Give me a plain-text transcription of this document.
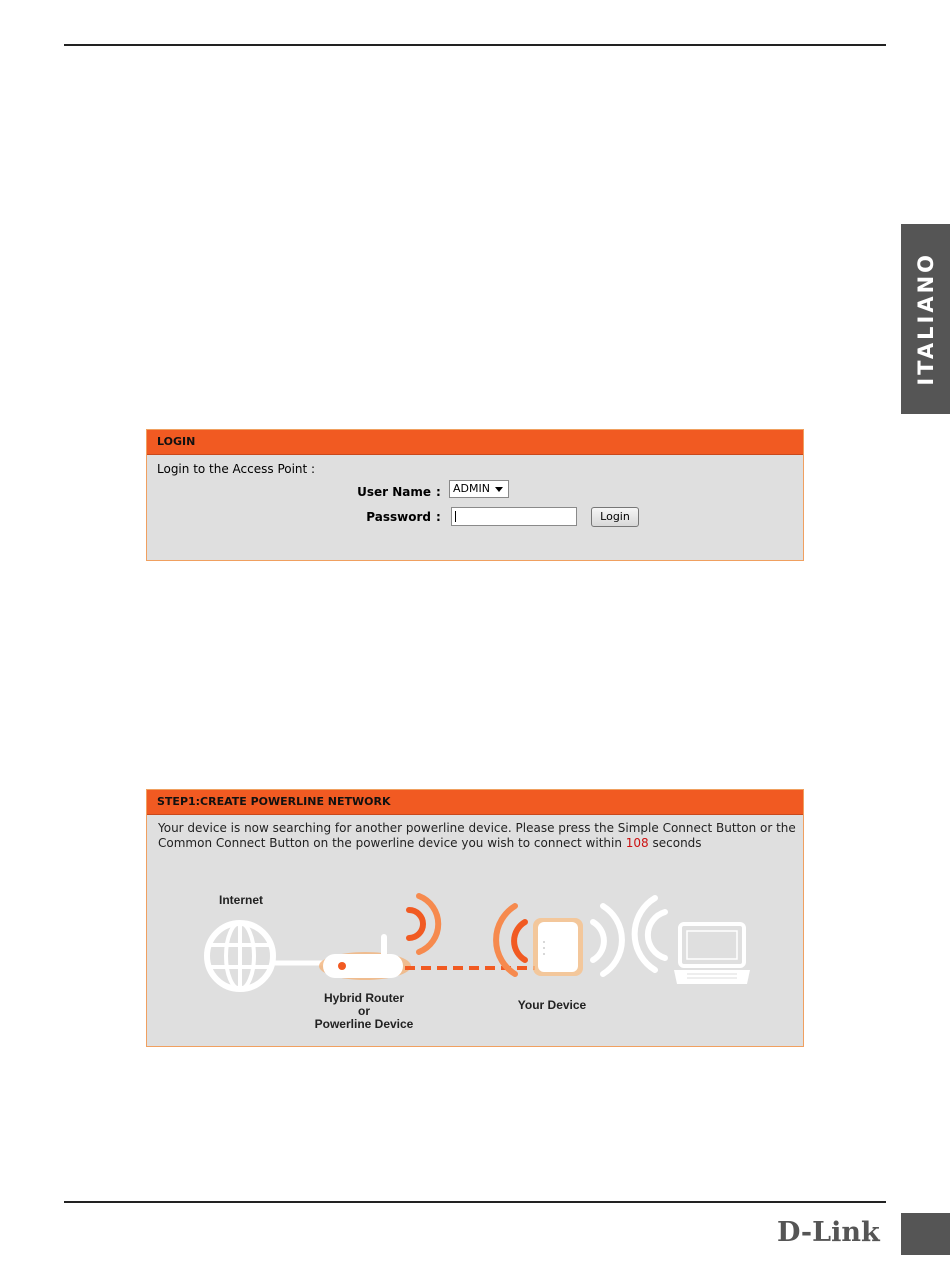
ITALIANO
LOGIN
Login to the Access Point :
User Name :	ADMIN
Password :	Login
STEP1:CREATE POWERLINE NETWORK
Your device is now searching for another powerline device. Please press the Simple Connect Button or the Common Connect Button on the powerline device you wish to connect within 108 seconds
Internet
Hybrid Router
or
Powerline Device
Your Device
D-Link
